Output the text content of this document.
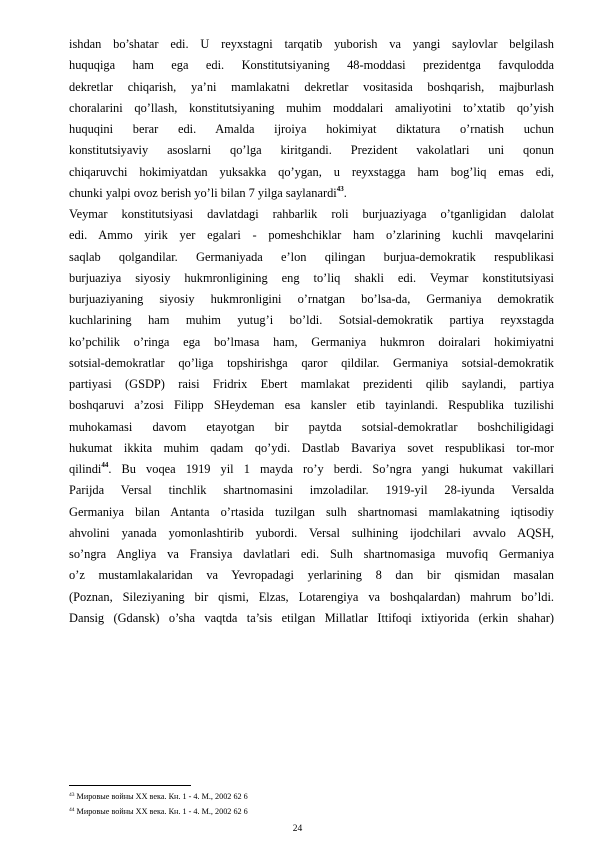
ishdan bo’shatar edi. U reyxstagni tarqatib yuborish va yangi saylovlar belgilash
huquqiga ham ega edi. Konstitutsiyaning 48-moddasi prezidentga favqulodda
dekretlar chiqarish, ya’ni mamlakatni dekretlar vositasida boshqarish, majburlash
choralarini qo’llash, konstitutsiyaning muhim moddalari amaliyotini to’xtatib qo’yish
huquqini berar edi. Amalda ijroiya hokimiyat diktatura o’rnatish uchun
konstitutsiyaviy asoslarni qo’lga kiritgandi. Prezident vakolatlari uni qonun
chiqaruvchi hokimiyatdan yuksakka qo’ygan, u reyxstagga ham bog’liq emas edi,
chunki yalpi ovoz berish yo’li bilan 7 yilga saylanardi$^{43}$.
Veymar konstitutsiyasi davlatdagi rahbarlik roli burjuaziyaga o’tganligidan dalolat
edi. Ammo yirik yer egalari - pomeshchiklar ham o’zlarining kuchli mavqelarini
saqlab qolgandilar. Germaniyada e’lon qilingan burjua-demokratik respublikasi
burjuaziya siyosiy hukmronligining eng to’liq shakli edi. Veymar konstitutsiyasi
burjuaziyaning siyosiy hukmronligini o’rnatgan bo’lsa-da, Germaniya demokratik
kuchlarining ham muhim yutug’i bo’ldi. Sotsial-demokratik partiya reyxstagda
ko’pchilik o’ringa ega bo’lmasa ham, Germaniya hukmron doiralari hokimiyatni
sotsial-demokratlar qo’liga topshirishga qaror qildilar. Germaniya sotsial-demokratik
partiyasi (GSDP) raisi Fridrix Ebert mamlakat prezidenti qilib saylandi, partiya
boshqaruvi a’zosi Filipp SHeydeman esa kansler etib tayinlandi. Respublika tuzilishi
muhokamasi davom etayotgan bir paytda sotsial-demokratlar boshchiligidagi
hukumat ikkita muhim qadam qo’ydi. Dastlab Bavariya sovet respublikasi tor-mor
qilindi$^{44}$. Bu voqea 1919 yil 1 mayda ro’y berdi. So’ngra yangi hukumat vakillari
Parijda Versal tinchlik shartnomasini imzoladilar. 1919-yil 28-iyunda Versalda
Germaniya bilan Antanta o’rtasida tuzilgan sulh shartnomasi mamlakatning iqtisodiy
ahvolini yanada yomonlashtirib yubordi. Versal sulhining ijodchilari avvalo AQSH,
so’ngra Angliya va Fransiya davlatlari edi. Sulh shartnomasiga muvofiq Germaniya
o’z mustamlakalaridan va Yevropadagi yerlarining 8 dan bir qismidan masalan
(Poznan, Sileziyaning bir qismi, Elzas, Lotarengiya va boshqalardan) mahrum bo’ldi.
Dansig (Gdansk) o’sha vaqtda ta’sis etilgan Millatlar Ittifoqi ixtiyorida (erkin shahar)
$^{43}$ Мировые войны ХХ века. Кн. 1 - 4. М., 2002 62 6
$^{44}$ Мировые войны ХХ века. Кн. 1 - 4. М., 2002 62 6
24
